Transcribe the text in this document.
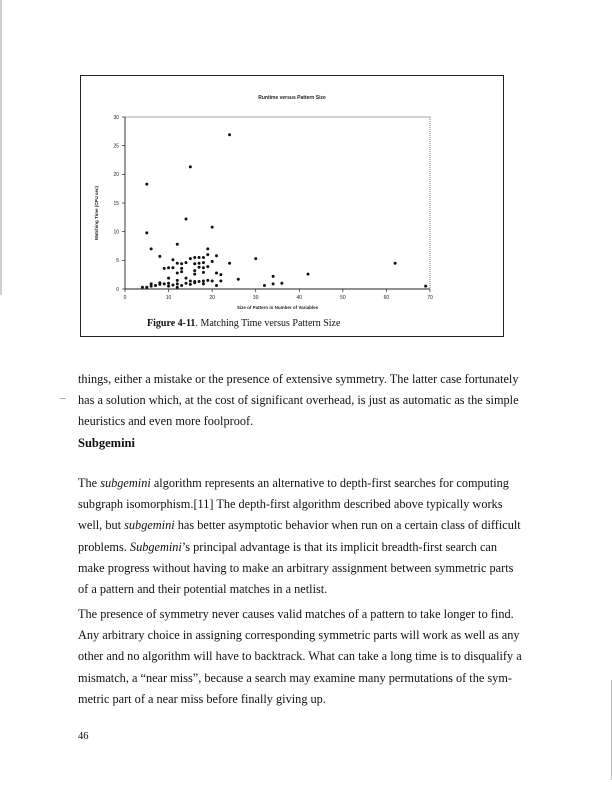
Runtime versus Pattern Size
0
5
10
15
20
25
30
0	10	20	30	40	50	60	70
Size of Pattern in Number of Variables
Matching Time (CPU sec)
Figure 4-11. Matching Time versus Pattern Size
–
things, either a mistake or the presence of extensive symmetry. The latter case fortunately
has a solution which, at the cost of significant overhead, is just as automatic as the simple
heuristics and even more foolproof.
Subgemini
The subgemini algorithm represents an alternative to depth-first searches for computing
subgraph isomorphism.[11] The depth-first algorithm described above typically works
well, but subgemini has better asymptotic behavior when run on a certain class of difficult
problems. Subgemini’s principal advantage is that its implicit breadth-first search can
make progress without having to make an arbitrary assignment between symmetric parts
of a pattern and their potential matches in a netlist.
The presence of symmetry never causes valid matches of a pattern to take longer to find.
Any arbitrary choice in assigning corresponding symmetric parts will work as well as any
other and no algorithm will have to backtrack. What can take a long time is to disqualify a
mismatch, a “near miss”, because a search may examine many permutations of the sym-
metric part of a near miss before finally giving up.
46
